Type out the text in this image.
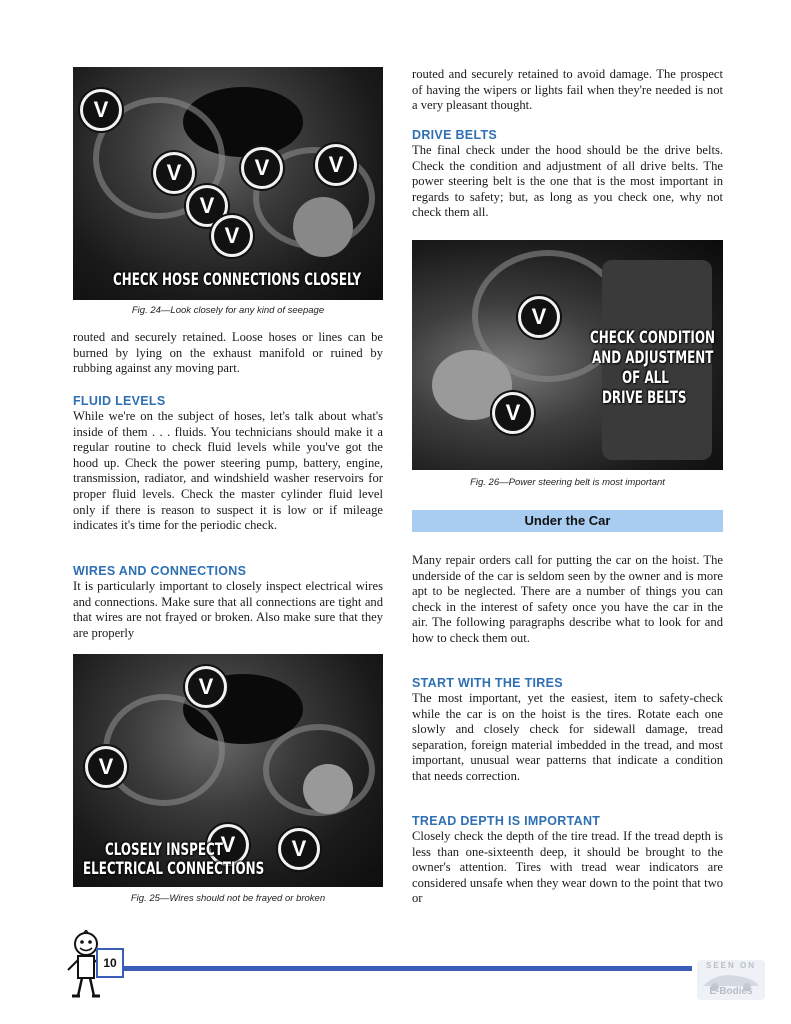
V
V	V	V
V
V
CHECK HOSE CONNECTIONS CLOSELY
Fig. 24—Look closely for any kind of seepage
routed and securely retained. Loose hoses or lines can be burned by lying on the exhaust manifold or ruined by rubbing against any moving part.
FLUID LEVELS
While we're on the subject of hoses, let's talk about what's inside of them . . . fluids. You technicians should make it a regular routine to check fluid levels while you've got the hood up. Check the power steering pump, battery, engine, transmission, radiator, and windshield washer reservoirs for proper fluid levels. Check the master cylinder fluid level only if there is reason to suspect it is low or if mileage indicates it's time for the periodic check.
WIRES AND CONNECTIONS
It is particularly important to closely inspect electrical wires and connections. Make sure that all connections are tight and that wires are not frayed or broken. Also make sure that they are properly
V
V
V	V
CLOSELY INSPECT
ELECTRICAL CONNECTIONS
Fig. 25—Wires should not be frayed or broken
routed and securely retained to avoid damage. The prospect of having the wipers or lights fail when they're needed is not a very pleasant thought.
DRIVE BELTS
The final check under the hood should be the drive belts. Check the condition and adjustment of all drive belts. The power steering belt is the one that is the most important in regards to safety; but, as long as you check one, why not check them all.
V
V
CHECK CONDITION
AND ADJUSTMENT
OF ALL
DRIVE BELTS
Fig. 26—Power steering belt is most important
Under the Car
Many repair orders call for putting the car on the hoist. The underside of the car is seldom seen by the owner and is more apt to be neglected. There are a number of things you can check in the interest of safety once you have the car in the air. The following paragraphs describe what to look for and how to check them out.
START WITH THE TIRES
The most important, yet the easiest, item to safety-check while the car is on the hoist is the tires. Rotate each one slowly and closely check for sidewall damage, tread separation, foreign material imbedded in the tread, and most important, unusual wear patterns that indicate a condition that needs correction.
TREAD DEPTH IS IMPORTANT
Closely check the depth of the tire tread. If the tread depth is less than one-sixteenth deep, it should be brought to the owner's attention. Tires with tread wear indicators are considered unsafe when they wear down to the point that two or
10	SEEN ON
E-Bodies
